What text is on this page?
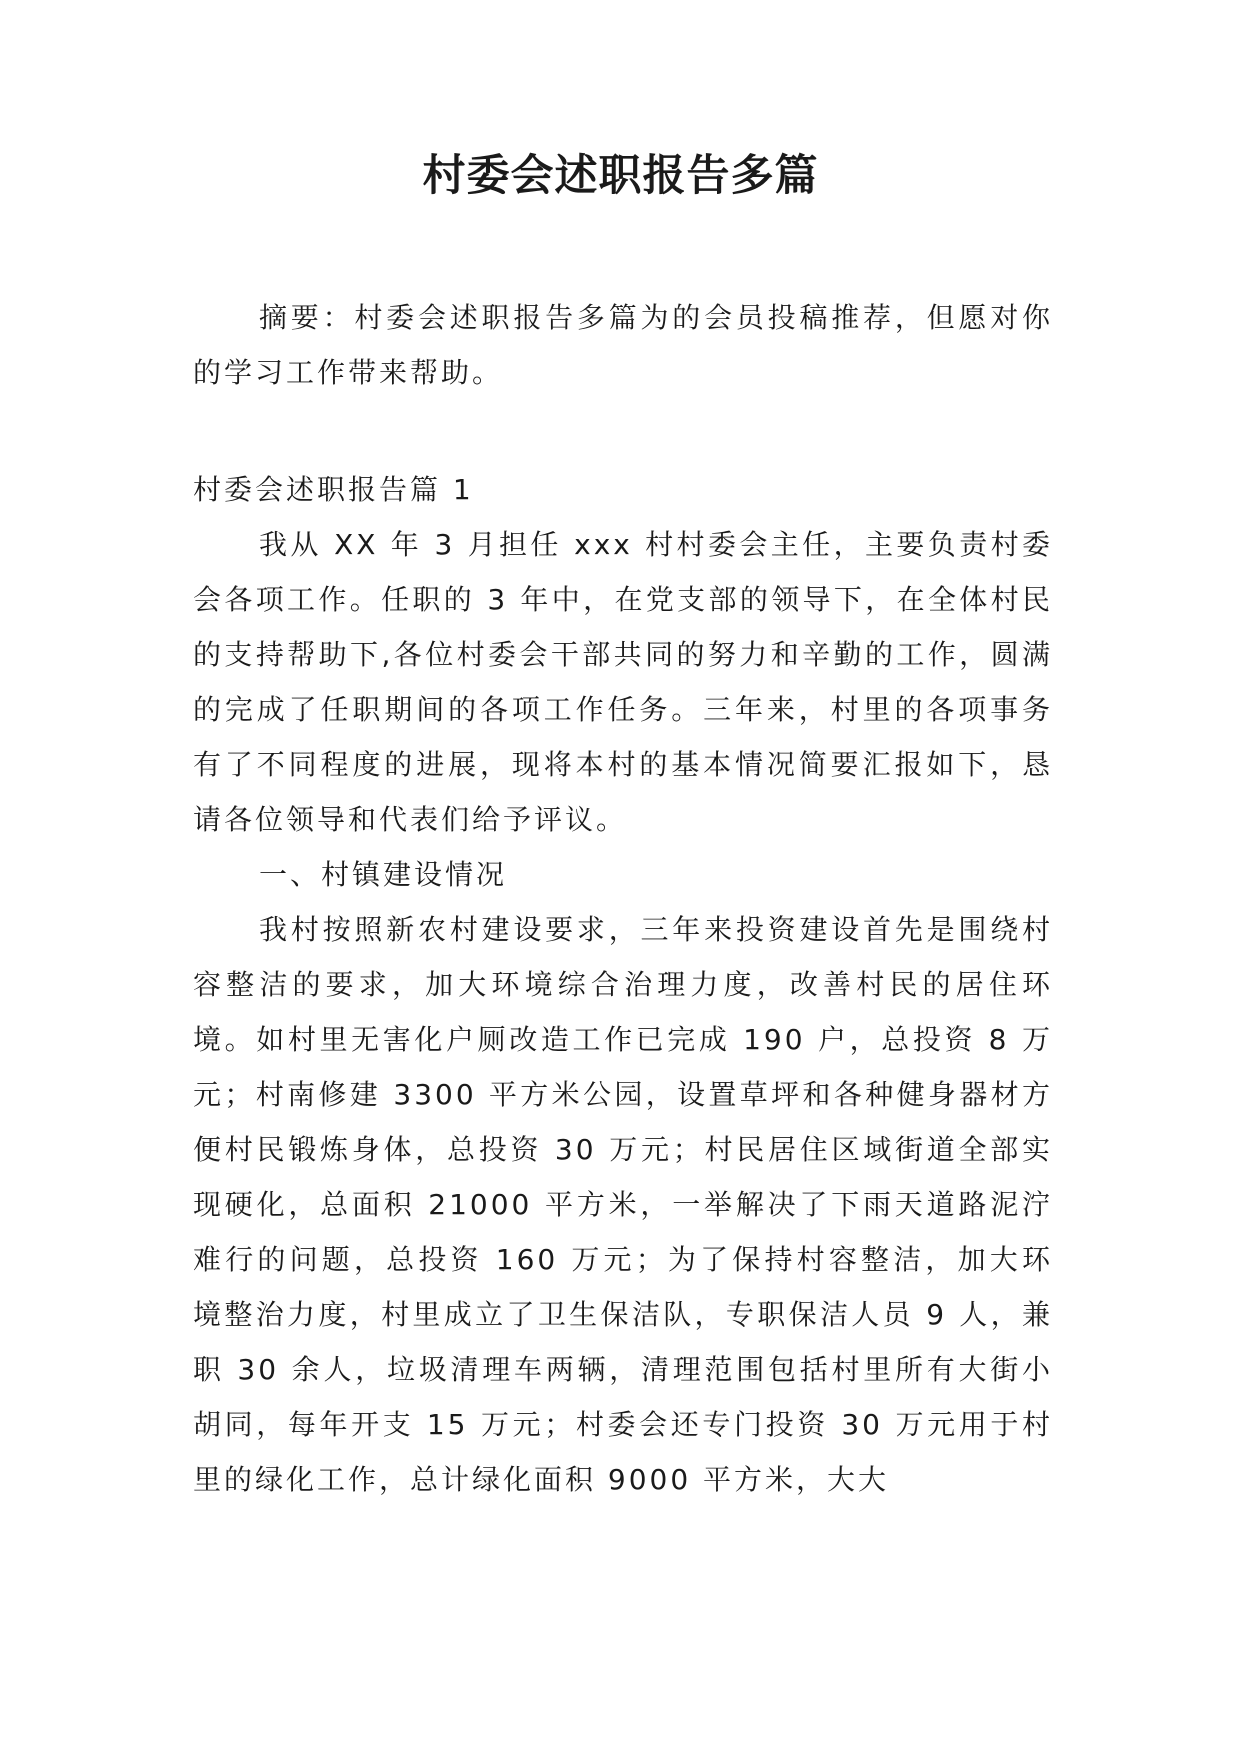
村委会述职报告多篇
摘要：村委会述职报告多篇为的会员投稿推荐，但愿对你的学习工作带来帮助。
村委会述职报告篇 1

我从 XX 年 3 月担任 xxx 村村委会主任，主要负责村委会各项工作。任职的 3 年中，在党支部的领导下，在全体村民的支持帮助下,各位村委会干部共同的努力和辛勤的工作，圆满的完成了任职期间的各项工作任务。三年来，村里的各项事务有了不同程度的进展，现将本村的基本情况简要汇报如下，恳请各位领导和代表们给予评议。

一、村镇建设情况

我村按照新农村建设要求，三年来投资建设首先是围绕村容整洁的要求，加大环境综合治理力度，改善村民的居住环境。如村里无害化户厕改造工作已完成 190 户，总投资 8 万元；村南修建 3300 平方米公园，设置草坪和各种健身器材方便村民锻炼身体，总投资 30 万元；村民居住区域街道全部实现硬化，总面积 21000 平方米，一举解决了下雨天道路泥泞难行的问题，总投资 160 万元；为了保持村容整洁，加大环境整治力度，村里成立了卫生保洁队，专职保洁人员 9 人，兼职 30 余人，垃圾清理车两辆，清理范围包括村里所有大街小胡同，每年开支 15 万元；村委会还专门投资 30 万元用于村里的绿化工作，总计绿化面积 9000 平方米，大大
